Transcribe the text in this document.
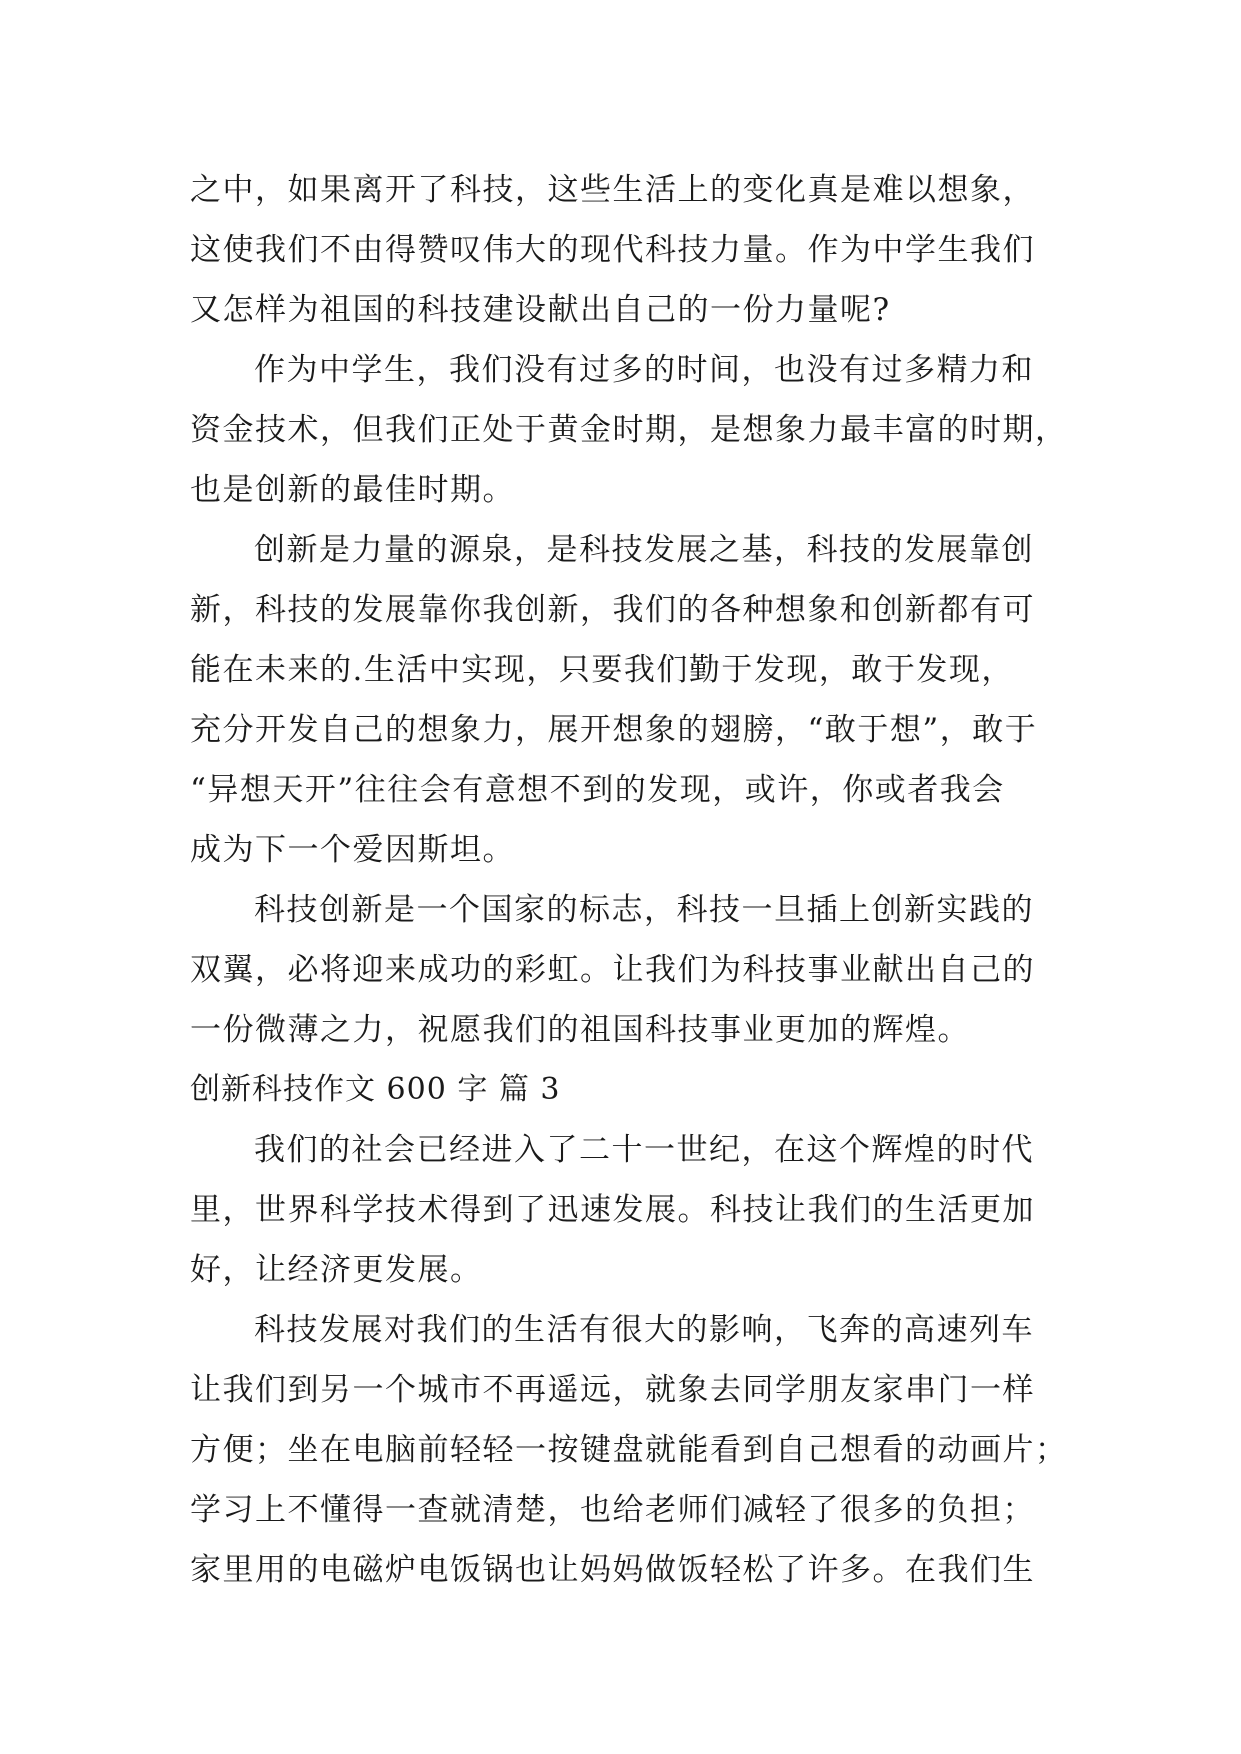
之中，如果离开了科技，这些生活上的变化真是难以想象，
这使我们不由得赞叹伟大的现代科技力量。作为中学生我们
又怎样为祖国的科技建设献出自己的一份力量呢?
作为中学生，我们没有过多的时间，也没有过多精力和
资金技术，但我们正处于黄金时期，是想象力最丰富的时期，
也是创新的最佳时期。
创新是力量的源泉，是科技发展之基，科技的发展靠创
新，科技的发展靠你我创新，我们的各种想象和创新都有可
能在未来的.生活中实现，只要我们勤于发现，敢于发现，
充分开发自己的想象力，展开想象的翅膀，“敢于想”，敢于
“异想天开”往往会有意想不到的发现，或许，你或者我会
成为下一个爱因斯坦。
科技创新是一个国家的标志，科技一旦插上创新实践的
双翼，必将迎来成功的彩虹。让我们为科技事业献出自己的
一份微薄之力，祝愿我们的祖国科技事业更加的辉煌。
创新科技作文 600 字 篇 3
我们的社会已经进入了二十一世纪，在这个辉煌的时代
里，世界科学技术得到了迅速发展。科技让我们的生活更加
好，让经济更发展。
科技发展对我们的生活有很大的影响，飞奔的高速列车
让我们到另一个城市不再遥远，就象去同学朋友家串门一样
方便；坐在电脑前轻轻一按键盘就能看到自己想看的动画片；
学习上不懂得一查就清楚，也给老师们减轻了很多的负担；
家里用的电磁炉电饭锅也让妈妈做饭轻松了许多。在我们生
